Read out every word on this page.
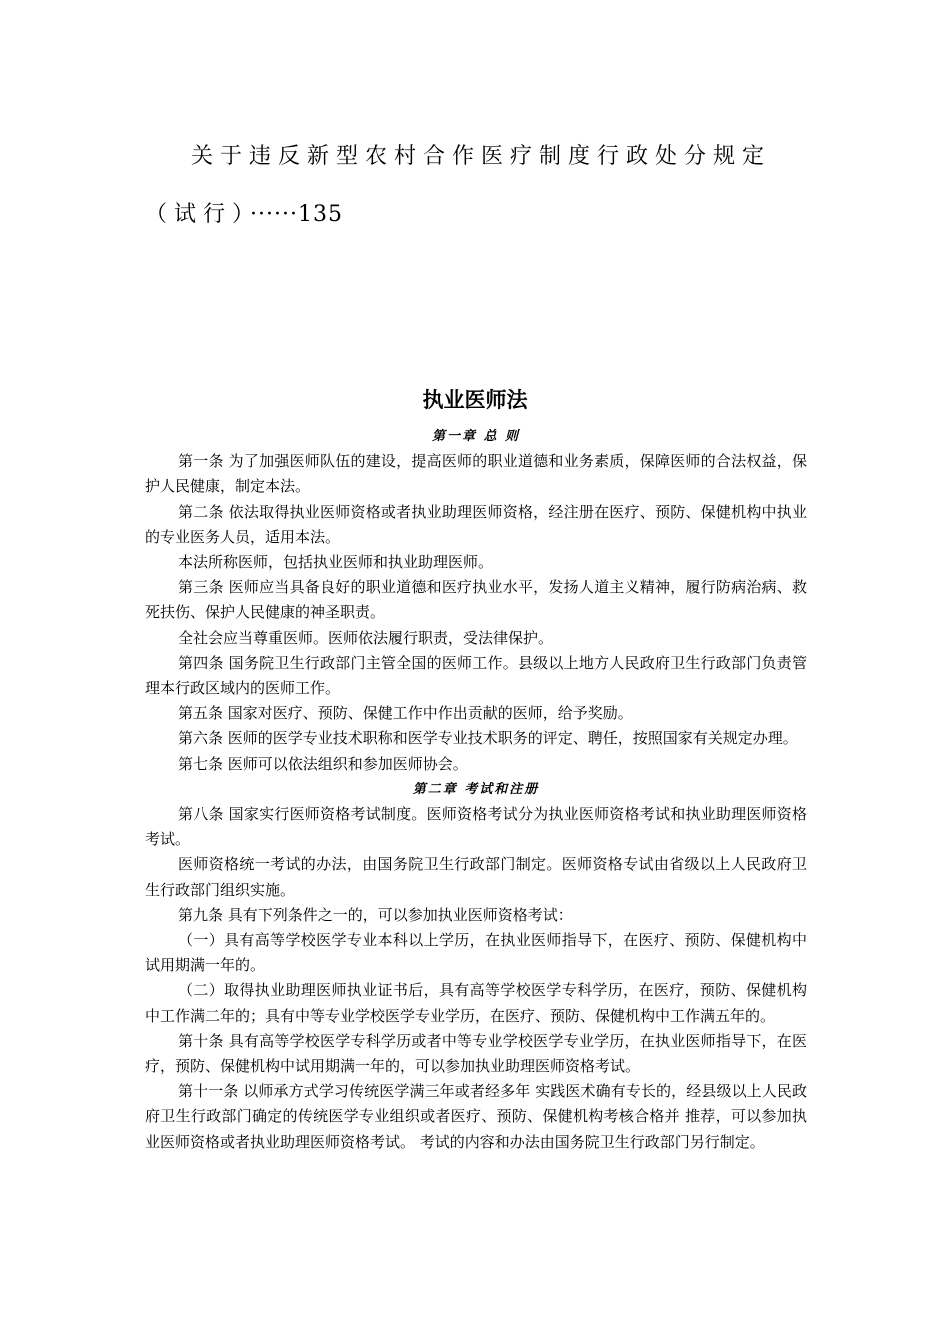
关于违反新型农村合作医疗制度行政处分规定（试行）······135
执业医师法
第一章 总 则
第一条 为了加强医师队伍的建设，提高医师的职业道德和业务素质，保障医师的合法权益，保护人民健康，制定本法。
第二条 依法取得执业医师资格或者执业助理医师资格，经注册在医疗、预防、保健机构中执业的专业医务人员，适用本法。
本法所称医师，包括执业医师和执业助理医师。
第三条 医师应当具备良好的职业道德和医疗执业水平，发扬人道主义精神，履行防病治病、救死扶伤、保护人民健康的神圣职责。
全社会应当尊重医师。医师依法履行职责，受法律保护。
第四条 国务院卫生行政部门主管全国的医师工作。县级以上地方人民政府卫生行政部门负责管理本行政区域内的医师工作。
第五条 国家对医疗、预防、保健工作中作出贡献的医师，给予奖励。
第六条 医师的医学专业技术职称和医学专业技术职务的评定、聘任，按照国家有关规定办理。
第七条 医师可以依法组织和参加医师协会。
第二章 考试和注册
第八条 国家实行医师资格考试制度。医师资格考试分为执业医师资格考试和执业助理医师资格考试。
医师资格统一考试的办法，由国务院卫生行政部门制定。医师资格专试由省级以上人民政府卫生行政部门组织实施。
第九条 具有下列条件之一的，可以参加执业医师资格考试：
（一）具有高等学校医学专业本科以上学历，在执业医师指导下，在医疗、预防、保健机构中试用期满一年的。
（二）取得执业助理医师执业证书后，具有高等学校医学专科学历，在医疗，预防、保健机构中工作满二年的；具有中等专业学校医学专业学历，在医疗、预防、保健机构中工作满五年的。
第十条 具有高等学校医学专科学历或者中等专业学校医学专业学历，在执业医师指导下，在医疗，预防、保健机构中试用期满一年的，可以参加执业助理医师资格考试。
第十一条 以师承方式学习传统医学满三年或者经多年 实践医术确有专长的，经县级以上人民政府卫生行政部门确定的传统医学专业组织或者医疗、预防、保健机构考核合格并 推荐，可以参加执业医师资格或者执业助理医师资格考试。 考试的内容和办法由国务院卫生行政部门另行制定。
